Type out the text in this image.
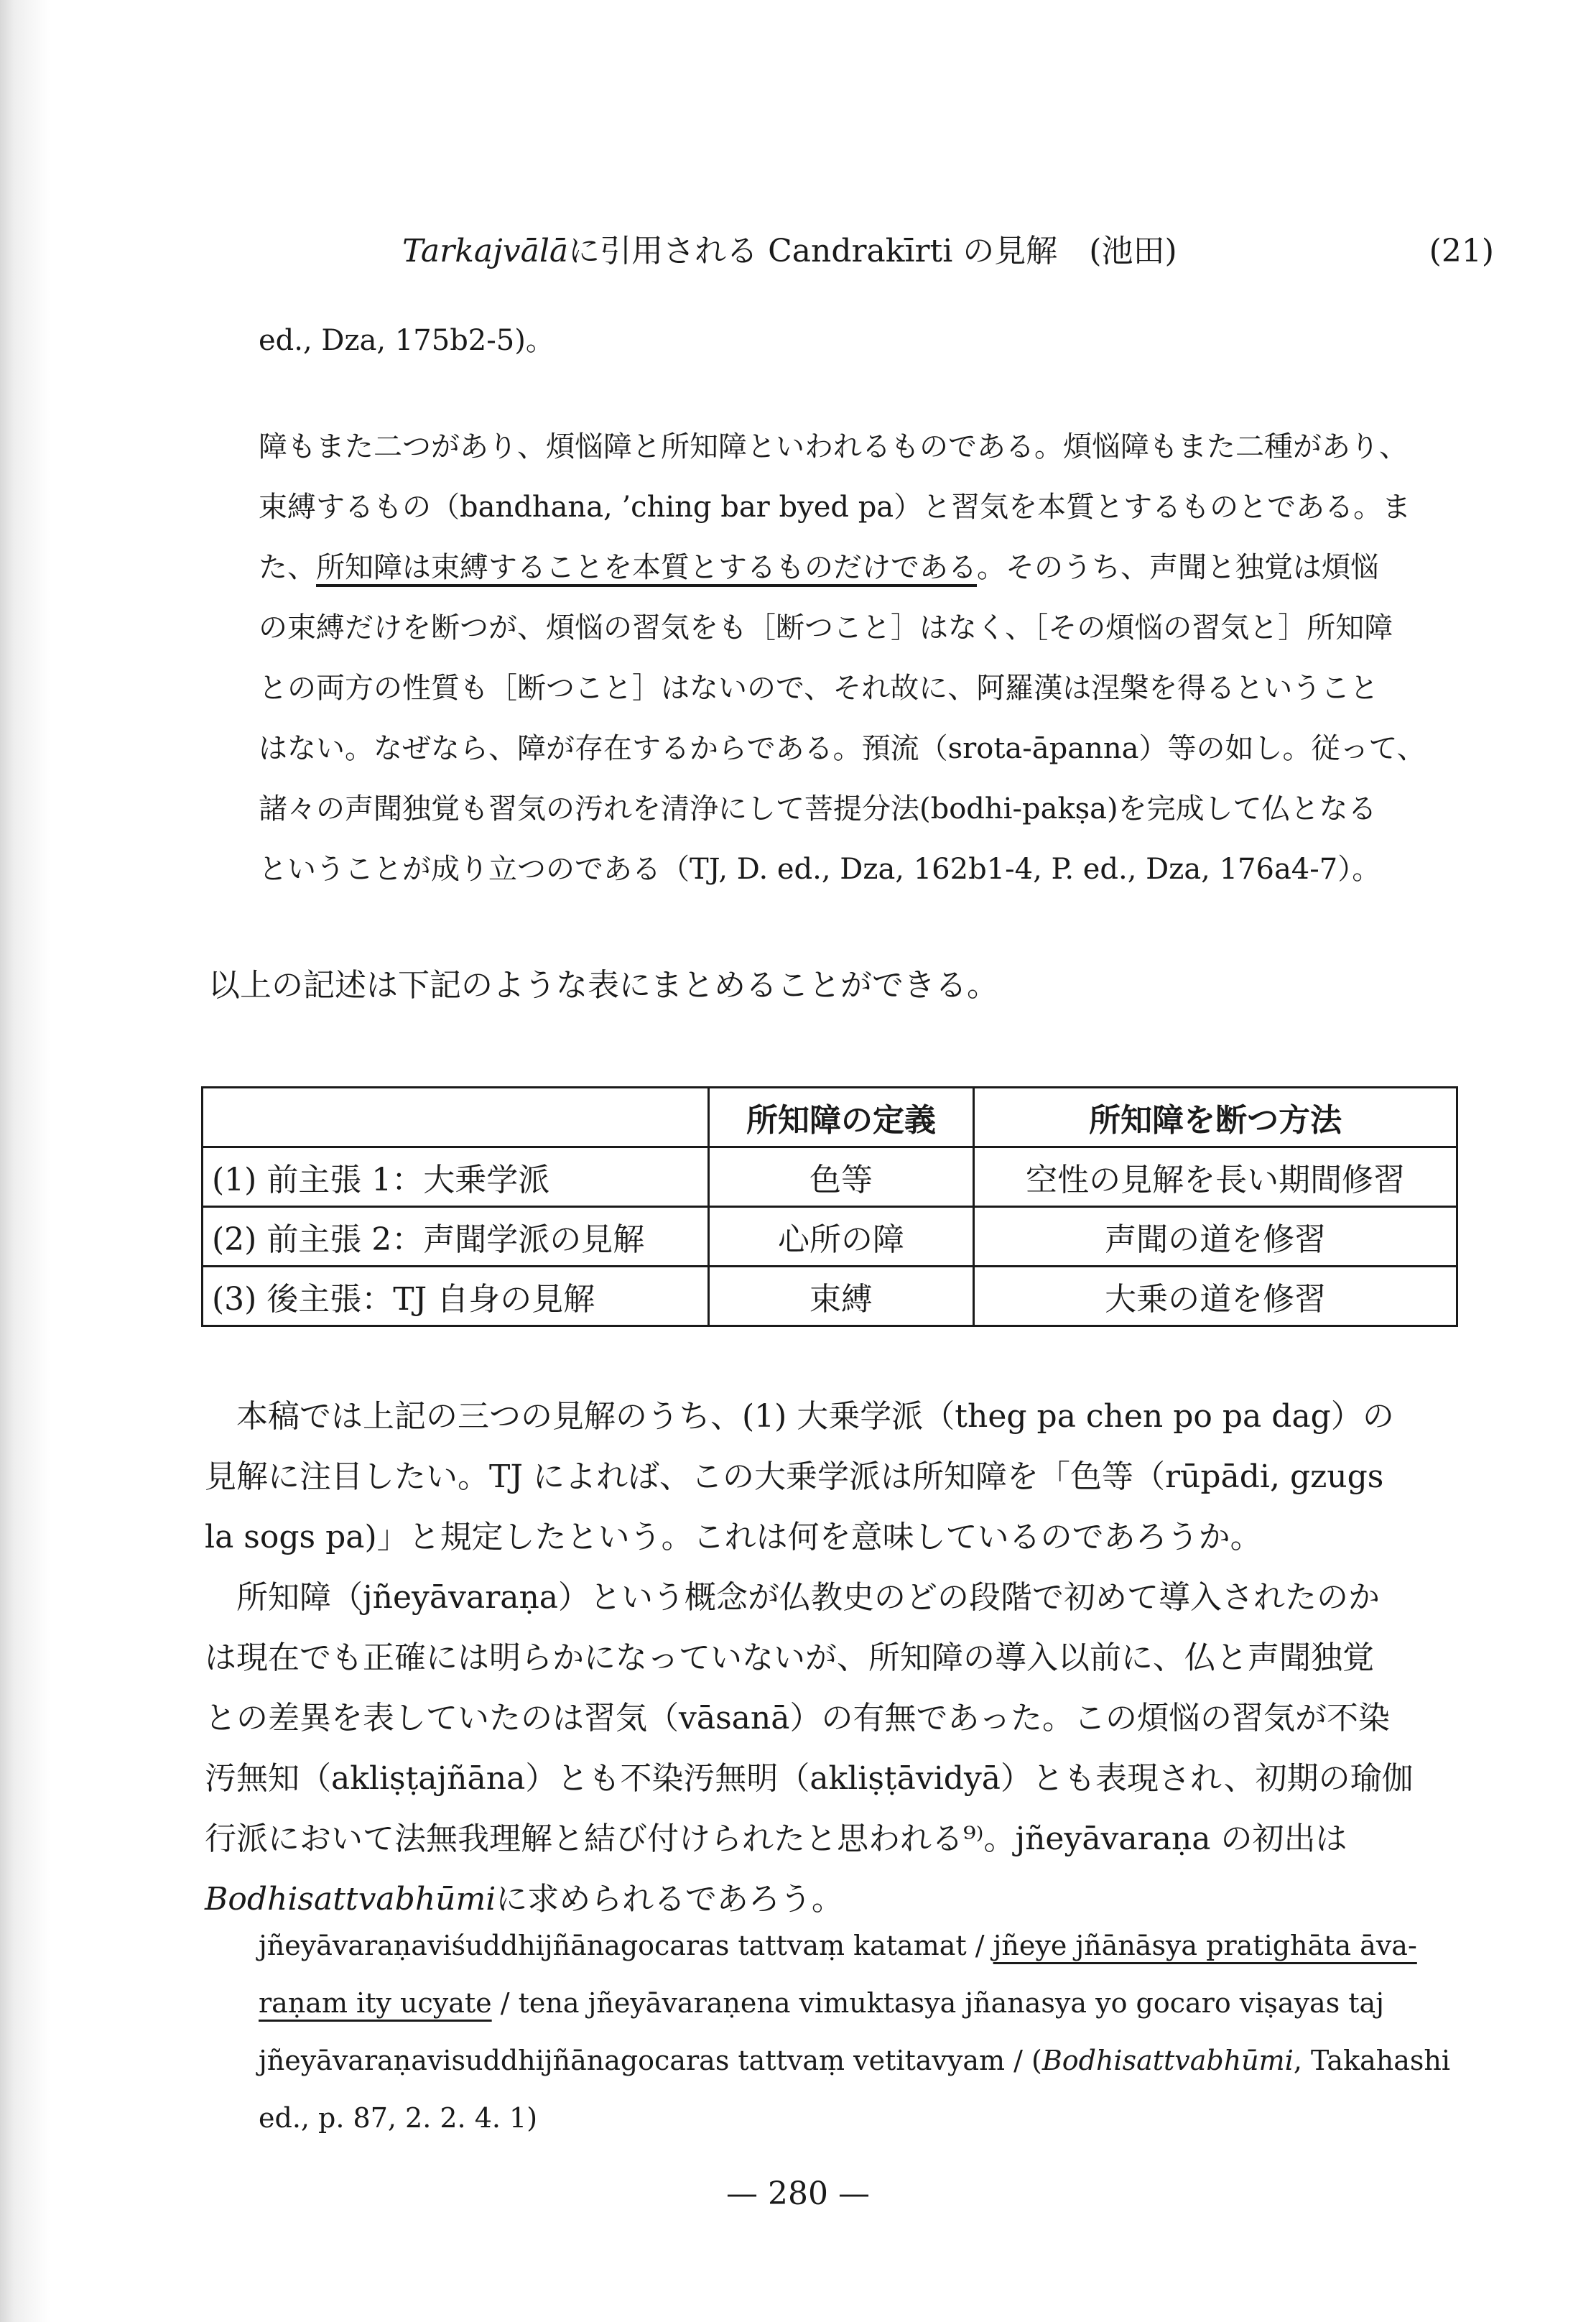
Tarkajvālāに引用される Candrakīrti の見解　(池田)	(21)
ed., Dza, 175b2-5)。

障もまた二つがあり、煩悩障と所知障といわれるものである。煩悩障もまた二種があり、

束縛するもの（bandhana, ’ching bar byed pa）と習気を本質とするものとである。ま

た、所知障は束縛することを本質とするものだけである。そのうち、声聞と独覚は煩悩

の束縛だけを断つが、煩悩の習気をも［断つこと］はなく、［その煩悩の習気と］所知障

との両方の性質も［断つこと］はないので、それ故に、阿羅漢は涅槃を得るということ

はない。なぜなら、障が存在するからである。預流（srota-āpanna）等の如し。従って、

諸々の声聞独覚も習気の汚れを清浄にして菩提分法(bodhi-pakṣa)を完成して仏となる

ということが成り立つのである（TJ, D. ed., Dza, 162b1-4, P. ed., Dza, 176a4-7）。

以上の記述は下記のような表にまとめることができる。
	所知障の定義	所知障を断つ方法
(1) 前主張 1：大乗学派	色等	空性の見解を長い期間修習
(2) 前主張 2：声聞学派の見解	心所の障	声聞の道を修習
(3) 後主張：TJ 自身の見解	束縛	大乗の道を修習

本稿では上記の三つの見解のうち、(1) 大乗学派（theg pa chen po pa dag）の

見解に注目したい。TJ によれば、この大乗学派は所知障を「色等（rūpādi, gzugs

la sogs pa)」と規定したという。これは何を意味しているのであろうか。

所知障（jñeyāvaraṇa）という概念が仏教史のどの段階で初めて導入されたのか

は現在でも正確には明らかになっていないが、所知障の導入以前に、仏と声聞独覚

との差異を表していたのは習気（vāsanā）の有無であった。この煩悩の習気が不染

汚無知（akliṣṭajñāna）とも不染汚無明（akliṣṭāvidyā）とも表現され、初期の瑜伽

行派において法無我理解と結び付けられたと思われる⁹⁾。jñeyāvaraṇa の初出は

Bodhisattvabhūmiに求められるであろう。

jñeyāvaraṇaviśuddhijñānagocaras tattvaṃ katamat / jñeye jñānāsya pratighāta āva-

raṇam ity ucyate / tena jñeyāvaraṇena vimuktasya jñanasya yo gocaro viṣayas taj

jñeyāvaraṇavisuddhijñānagocaras tattvaṃ vetitavyam / (Bodhisattvabhūmi, Takahashi

ed., p. 87, 2. 2. 4. 1)

— 280 —
